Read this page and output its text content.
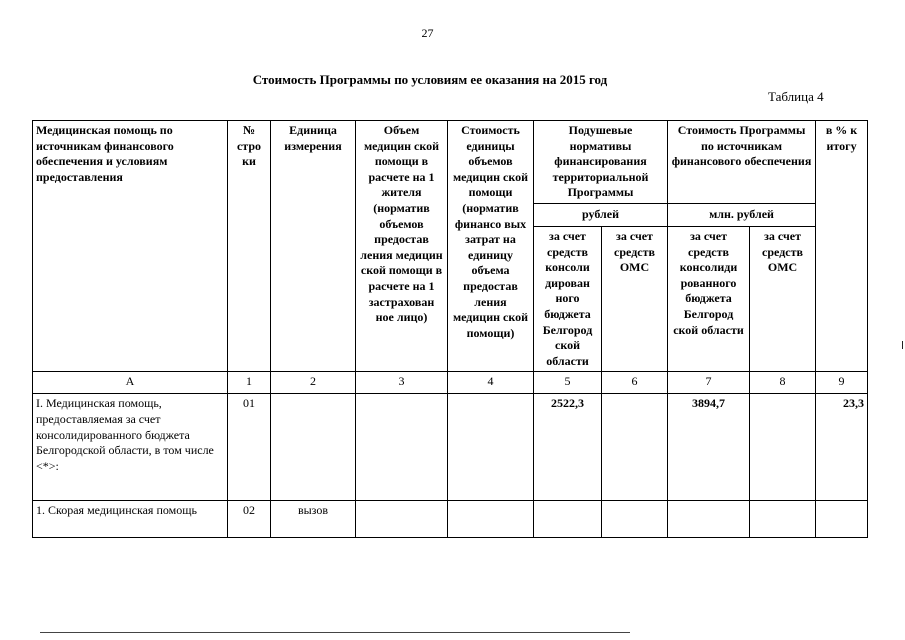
27
Стоимость Программы по условиям ее оказания на 2015 год
Таблица 4
Медицинская помощь по источникам финансового обеспечения и условиям предоставления	№ стро ки	Единица измерения	Объем медицин ской помощи в расчете на 1 жителя (норматив объемов предостав ления медицин ской помощи в расчете на 1 застрахован ное лицо)	Стоимость единицы объемов медицин ской помощи (норматив финансо вых затрат на единицу объема предостав ления медицин ской помощи)	Подушевые нормативы финансирования территориальной Программы		Стоимость Программы по источникам финансового обеспечения		в % к итогу
					рублей		млн. рублей		
					за счет средств консоли дирован ного бюджета Белгород ской области	за счет средств ОМС	за счет средств консолиди рованного бюджета Белгород ской области	за счет средств ОМС	
А	1	2	3	4	5	6	7	8	9
I. Медицинская помощь, предоставляемая за счет консолидированного бюджета Белгородской области, в том числе <*>:	01				2522,3		3894,7		23,3
1. Скорая медицинская помощь	02	вызов							
